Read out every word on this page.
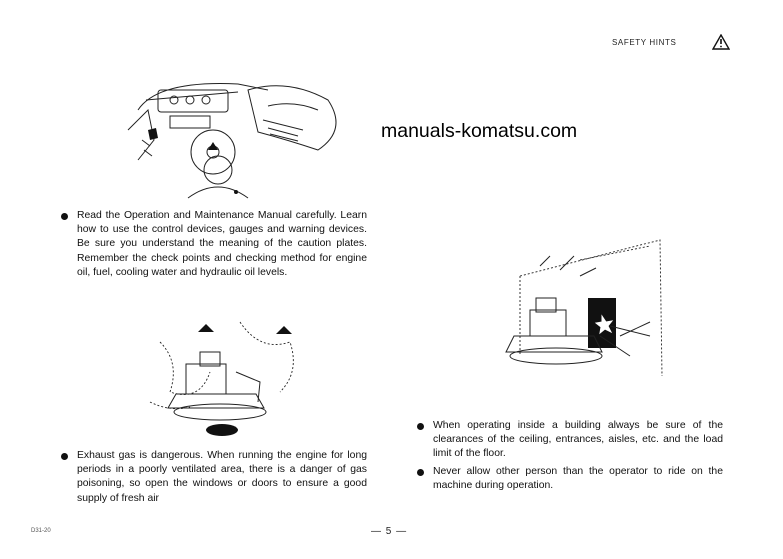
SAFETY HINTS
manuals-komatsu.com

Read the Operation and Maintenance Manual carefully. Learn how to use the control devices, gauges and warning devices. Be sure you understand the meaning of the caution plates. Remember the check points and checking method for engine oil, fuel, cooling water and hydraulic oil levels.

Exhaust gas is dangerous. When running the engine for long periods in a poorly ventilated area, there is a danger of gas poisoning, so open the windows or doors to ensure a good supply of fresh air

When operating inside a building always be sure of the clearances of the ceiling, entrances, aisles, etc. and the load limit of the floor.

Never allow other person than the operator to ride on the machine during operation.

D31-20	— 5 —
